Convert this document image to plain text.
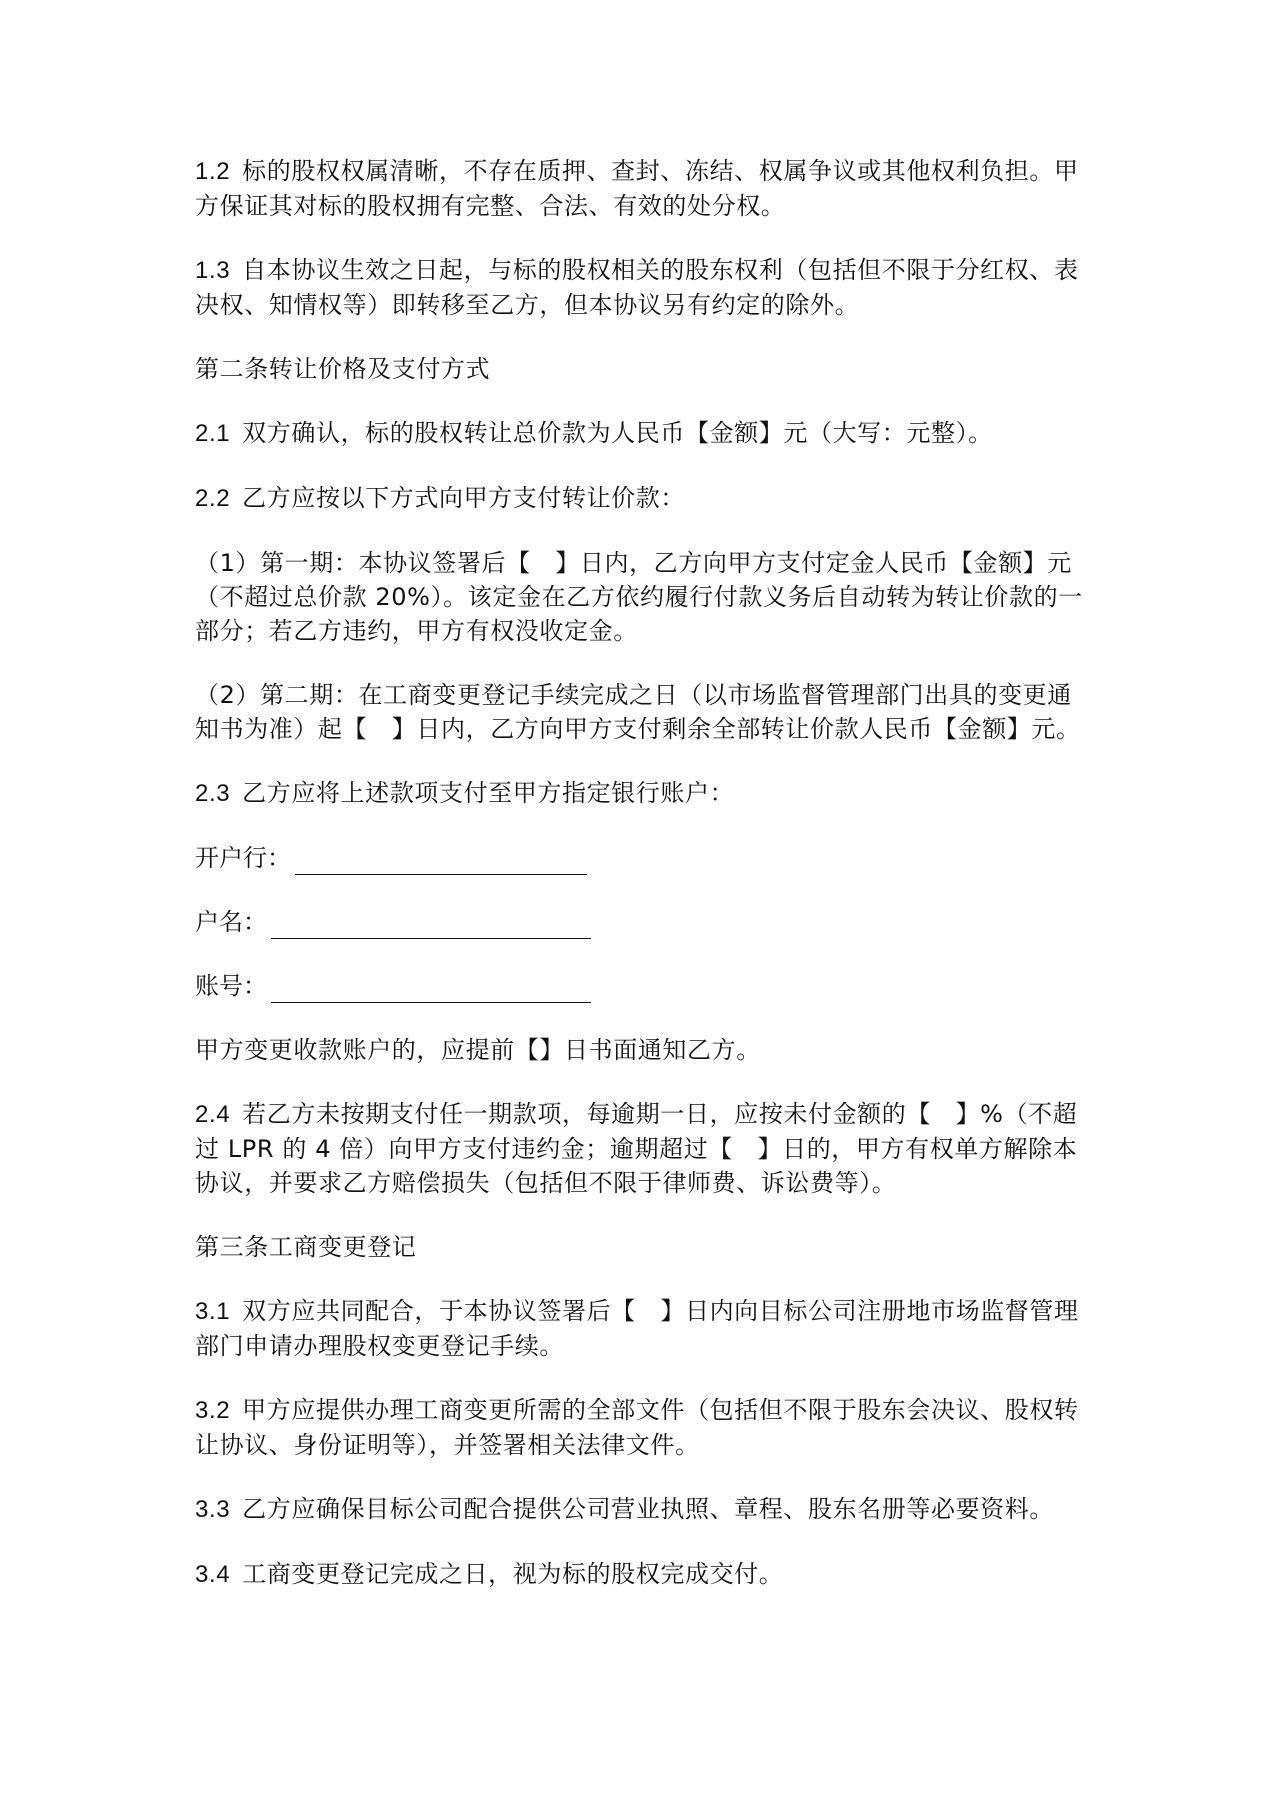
1.2 标的股权权属清晰，不存在质押、查封、冻结、权属争议或其他权利负担。甲方保证其对标的股权拥有完整、合法、有效的处分权。

1.3 自本协议生效之日起，与标的股权相关的股东权利（包括但不限于分红权、表决权、知情权等）即转移至乙方，但本协议另有约定的除外。

第二条转让价格及支付方式

2.1 双方确认，标的股权转让总价款为人民币【金额】元（大写：元整）。

2.2 乙方应按以下方式向甲方支付转让价款：

（1）第一期：本协议签署后【　】日内，乙方向甲方支付定金人民币【金额】元（不超过总价款 20%）。该定金在乙方依约履行付款义务后自动转为转让价款的一部分；若乙方违约，甲方有权没收定金。

（2）第二期：在工商变更登记手续完成之日（以市场监督管理部门出具的变更通知书为准）起【　】日内，乙方向甲方支付剩余全部转让价款人民币【金额】元。

2.3 乙方应将上述款项支付至甲方指定银行账户：

开户行：
户名：
账号：

甲方变更收款账户的，应提前【】日书面通知乙方。

2.4 若乙方未按期支付任一期款项，每逾期一日，应按未付金额的【　】%（不超过 LPR 的 4 倍）向甲方支付违约金；逾期超过【　】日的，甲方有权单方解除本协议，并要求乙方赔偿损失（包括但不限于律师费、诉讼费等）。

第三条工商变更登记

3.1 双方应共同配合，于本协议签署后【　】日内向目标公司注册地市场监督管理部门申请办理股权变更登记手续。

3.2 甲方应提供办理工商变更所需的全部文件（包括但不限于股东会决议、股权转让协议、身份证明等），并签署相关法律文件。

3.3 乙方应确保目标公司配合提供公司营业执照、章程、股东名册等必要资料。

3.4 工商变更登记完成之日，视为标的股权完成交付。
